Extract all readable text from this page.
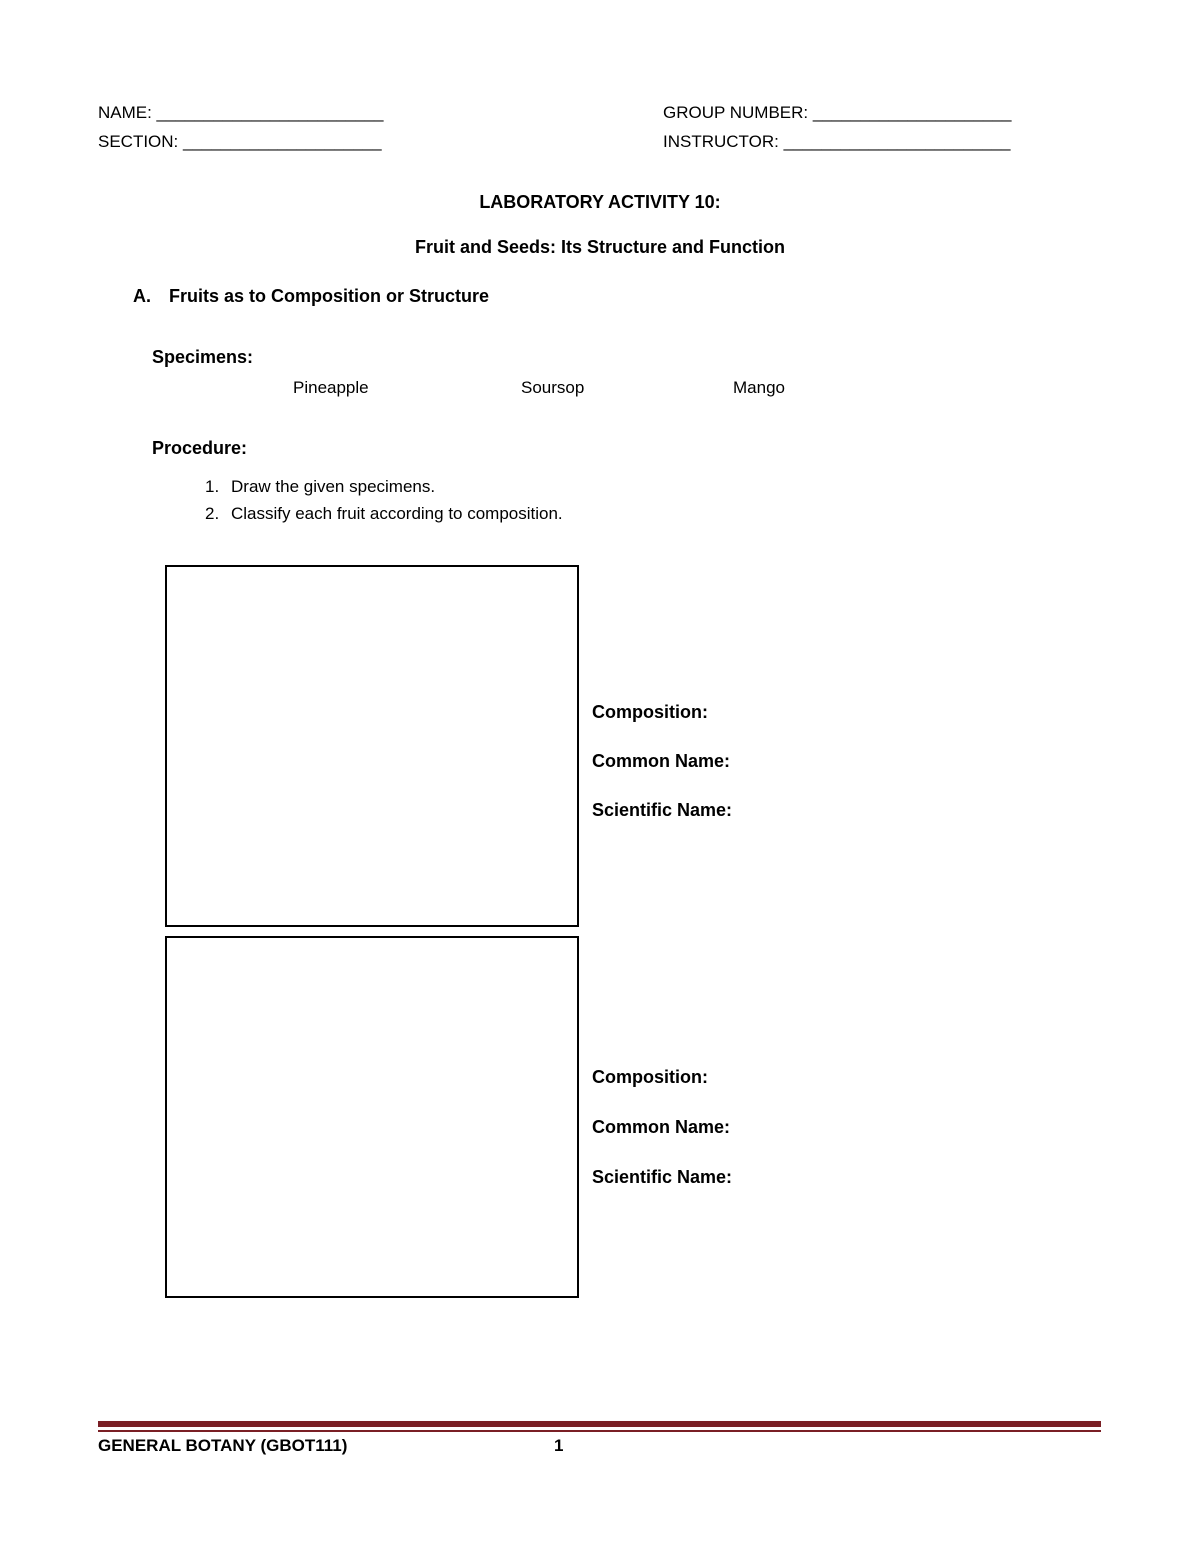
NAME: ________________________
SECTION: _____________________
GROUP NUMBER: _____________________
INSTRUCTOR: ________________________
LABORATORY ACTIVITY 10:
Fruit and Seeds: Its Structure and Function
A. Fruits as to Composition or Structure
Specimens:
Pineapple	Soursop	Mango
Procedure:
1. Draw the given specimens.
2. Classify each fruit according to composition.
Composition:
Common Name:
Scientific Name:
Composition:
Common Name:
Scientific Name:
GENERAL BOTANY (GBOT111)	1
